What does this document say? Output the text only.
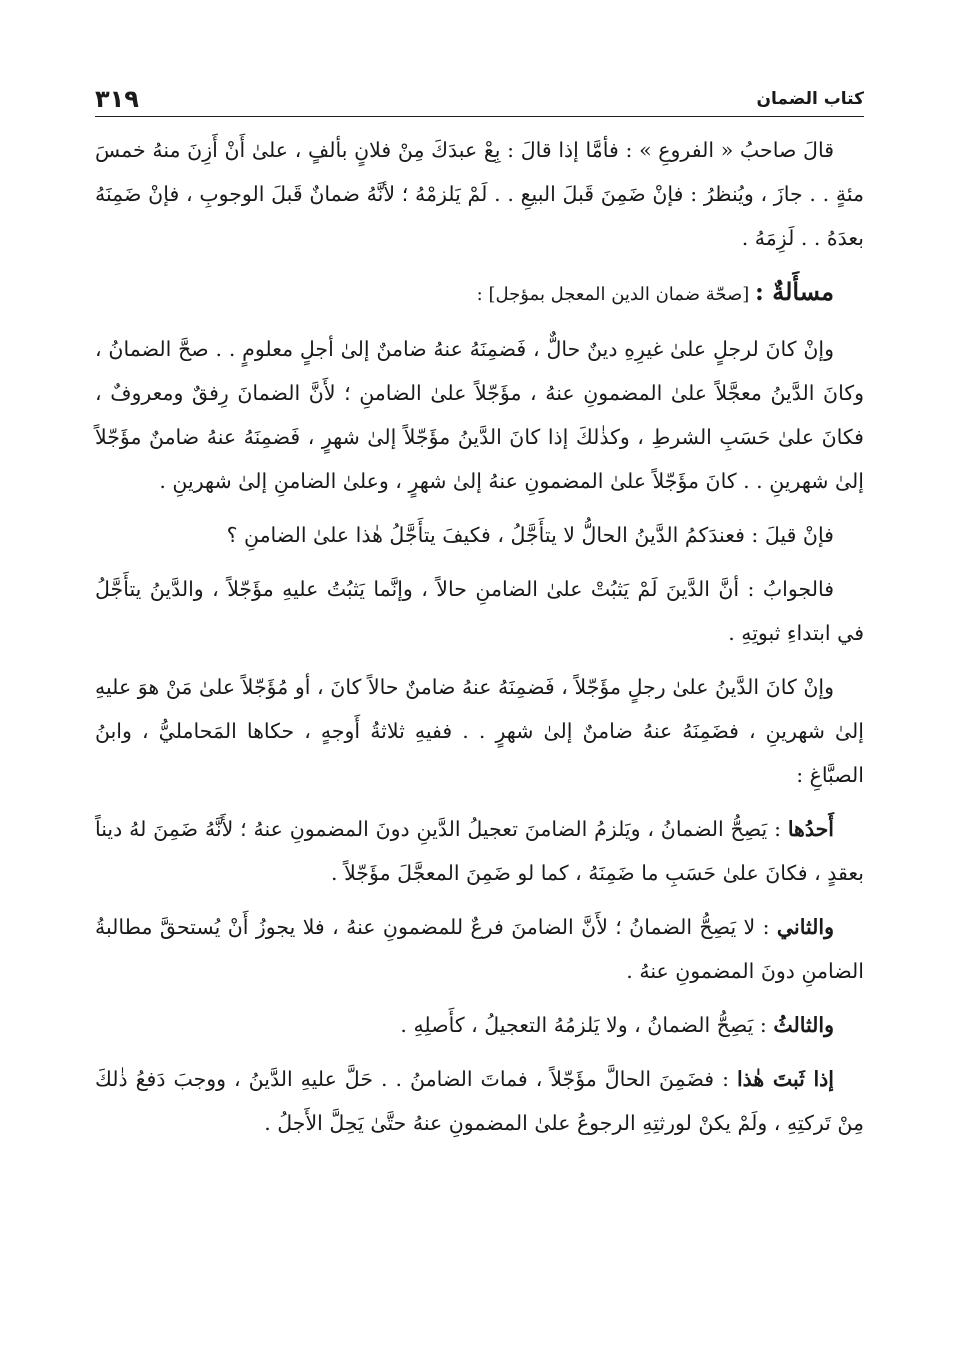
٣١٩	كتاب الضمان

قالَ صاحبُ « الفروعِ » : فأمَّا إذا قالَ : بِعْ عبدَكَ مِنْ فلانٍ بألفٍ ، علىٰ أَنْ أَزِنَ منهُ خمسَ مئةٍ . . جازَ ، ويُنظرُ : فإنْ ضَمِنَ قَبلَ البيعِ . . لَمْ يَلزمْهُ ؛ لأنَّهُ ضمانٌ قَبلَ الوجوبِ ، فإنْ ضَمِنَهُ بعدَهُ . . لَزِمَهُ .

مسأَلةٌ : [صحّة ضمان الدين المعجل بمؤجل] :

وإنْ كانَ لرجلٍ علىٰ غيرِهِ دينٌ حالٌّ ، فَضمِنَهُ عنهُ ضامنٌ إلىٰ أجلٍ معلومٍ . . صحَّ الضمانُ ، وكانَ الدَّينُ معجَّلاً علىٰ المضمونِ عنهُ ، مؤَجّلاً علىٰ الضامنِ ؛ لأَنَّ الضمانَ رِفقٌ ومعروفٌ ، فكانَ علىٰ حَسَبِ الشرطِ ، وكذٰلكَ إذا كانَ الدَّينُ مؤَجّلاً إلىٰ شهرٍ ، فَضمِنَهُ عنهُ ضامنٌ مؤَجّلاً إلىٰ شهرينِ . . كانَ مؤَجّلاً علىٰ المضمونِ عنهُ إلىٰ شهرٍ ، وعلىٰ الضامنِ إلىٰ شهرينِ .

فإنْ قيلَ : فعندَكمُ الدَّينُ الحالُّ لا يتأَجَّلُ ، فكيفَ يتأَجَّلُ هٰذا علىٰ الضامنِ ؟

فالجوابُ : أنَّ الدَّينَ لَمْ يَثبُتْ علىٰ الضامنِ حالاً ، وإنَّما يَثبُتُ عليهِ مؤَجّلاً ، والدَّينُ يتأَجَّلُ في ابتداءِ ثبوتِهِ .

وإنْ كانَ الدَّينُ علىٰ رجلٍ مؤَجّلاً ، فَضمِنَهُ عنهُ ضامنٌ حالاً كانَ ، أو مُؤَجّلاً علىٰ مَنْ هوَ عليهِ إلىٰ شهرينِ ، فضَمِنَهُ عنهُ ضامنٌ إلىٰ شهرٍ . . ففيهِ ثلاثةُ أَوجهٍ ، حكاها المَحامليُّ ، وابنُ الصبَّاغِ :

أَحدُها : يَصِحُّ الضمانُ ، ويَلزمُ الضامنَ تعجيلُ الدَّينِ دونَ المضمونِ عنهُ ؛ لأَنَّهُ ضَمِنَ لهُ ديناً بعقدٍ ، فكانَ علىٰ حَسَبِ ما ضَمِنَهُ ، كما لو ضَمِنَ المعجَّلَ مؤَجّلاً .

والثاني : لا يَصِحُّ الضمانُ ؛ لأَنَّ الضامنَ فرعٌ للمضمونِ عنهُ ، فلا يجوزُ أَنْ يُستحقَّ مطالبةُ الضامنِ دونَ المضمونِ عنهُ .

والثالثُ : يَصِحُّ الضمانُ ، ولا يَلزمُهُ التعجيلُ ، كأَصلِهِ .

إذا ثَبتَ هٰذا : فضَمِنَ الحالَّ مؤَجّلاً ، فماتَ الضامنُ . . حَلَّ عليهِ الدَّينُ ، ووجبَ دَفعُ ذٰلكَ مِنْ تَركتِهِ ، ولَمْ يكنْ لورثتِهِ الرجوعُ علىٰ المضمونِ عنهُ حتَّىٰ يَحِلَّ الأَجلُ .
